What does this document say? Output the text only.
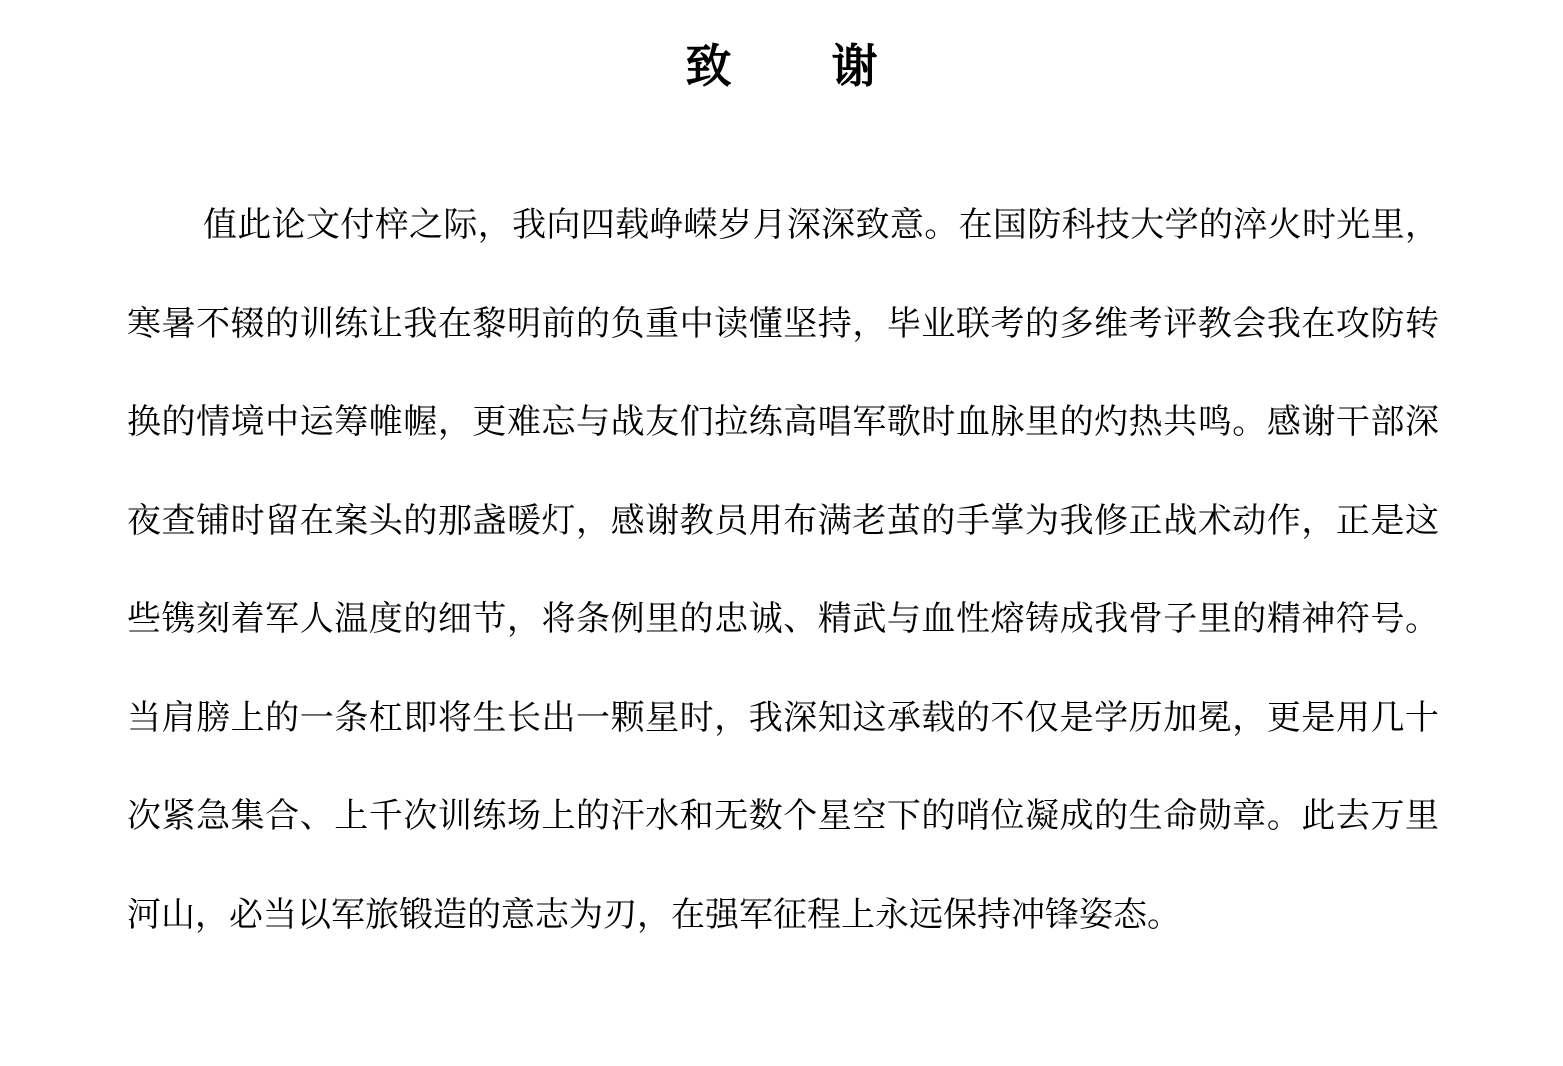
致 谢

值此论文付梓之际，我向四载峥嵘岁月深深致意。在国防科技大学的淬火时光里，寒暑不辍的训练让我在黎明前的负重中读懂坚持，毕业联考的多维考评教会我在攻防转换的情境中运筹帷幄，更难忘与战友们拉练高唱军歌时血脉里的灼热共鸣。感谢干部深夜查铺时留在案头的那盏暖灯，感谢教员用布满老茧的手掌为我修正战术动作，正是这些镌刻着军人温度的细节，将条例里的忠诚、精武与血性熔铸成我骨子里的精神符号。当肩膀上的一条杠即将生长出一颗星时，我深知这承载的不仅是学历加冕，更是用几十次紧急集合、上千次训练场上的汗水和无数个星空下的哨位凝成的生命勋章。此去万里河山，必当以军旅锻造的意志为刃，在强军征程上永远保持冲锋姿态。
